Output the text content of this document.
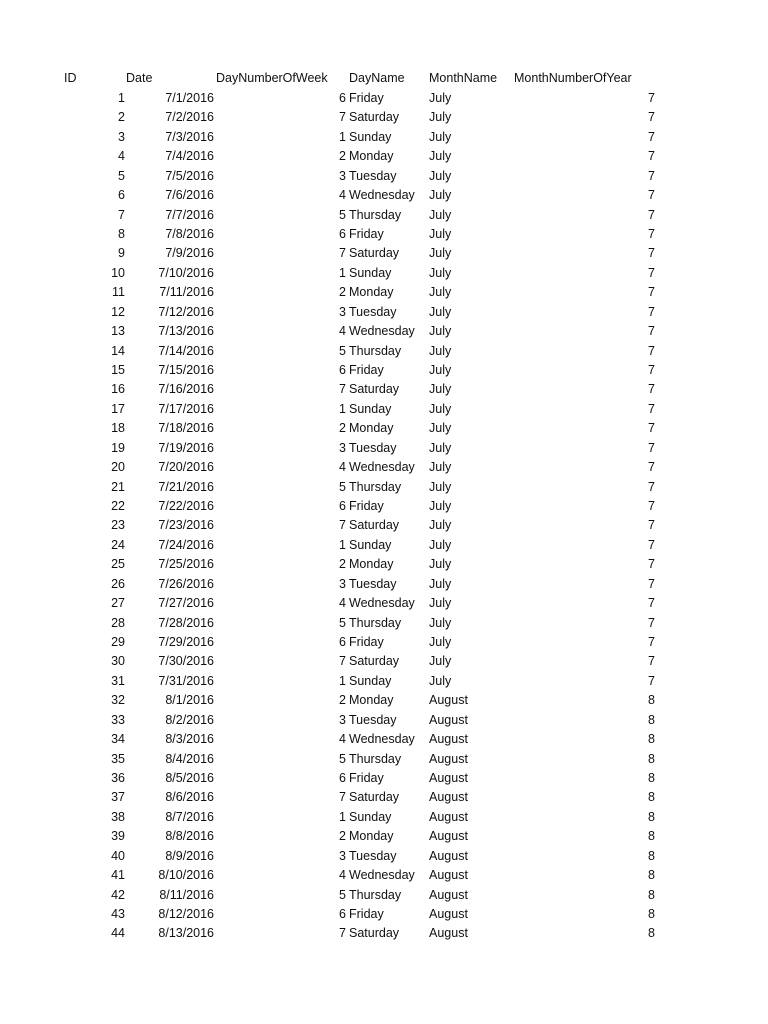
ID	Date	DayNumberOfWeek DayName MonthName MonthNumberOfYear
1	7/1/2016	6 Friday	July	7
2	7/2/2016	7 Saturday July	7
3	7/3/2016	1 Sunday	July	7
4	7/4/2016	2 Monday	July	7
5	7/5/2016	3 Tuesday	July	7
6	7/6/2016	4 Wednesday July	7
7	7/7/2016	5 Thursday July	7
8	7/8/2016	6 Friday	July	7
9	7/9/2016	7 Saturday July	7
10	7/10/2016	1 Sunday	July	7
11	7/11/2016	2 Monday	July	7
12	7/12/2016	3 Tuesday	July	7
13	7/13/2016	4 Wednesday July	7
14	7/14/2016	5 Thursday July	7
15	7/15/2016	6 Friday	July	7
16	7/16/2016	7 Saturday July	7
17	7/17/2016	1 Sunday	July	7
18	7/18/2016	2 Monday	July	7
19	7/19/2016	3 Tuesday	July	7
20	7/20/2016	4 Wednesday July	7
21	7/21/2016	5 Thursday July	7
22	7/22/2016	6 Friday	July	7
23	7/23/2016	7 Saturday July	7
24	7/24/2016	1 Sunday	July	7
25	7/25/2016	2 Monday	July	7
26	7/26/2016	3 Tuesday	July	7
27	7/27/2016	4 Wednesday July	7
28	7/28/2016	5 Thursday July	7
29	7/29/2016	6 Friday	July	7
30	7/30/2016	7 Saturday July	7
31	7/31/2016	1 Sunday	July	7
32	8/1/2016	2 Monday	August	8
33	8/2/2016	3 Tuesday	August	8
34	8/3/2016	4 Wednesday August	8
35	8/4/2016	5 Thursday August	8
36	8/5/2016	6 Friday	August	8
37	8/6/2016	7 Saturday August	8
38	8/7/2016	1 Sunday	August	8
39	8/8/2016	2 Monday	August	8
40	8/9/2016	3 Tuesday	August	8
41	8/10/2016	4 Wednesday August	8
42	8/11/2016	5 Thursday August	8
43	8/12/2016	6 Friday	August	8
44	8/13/2016	7 Saturday August	8
